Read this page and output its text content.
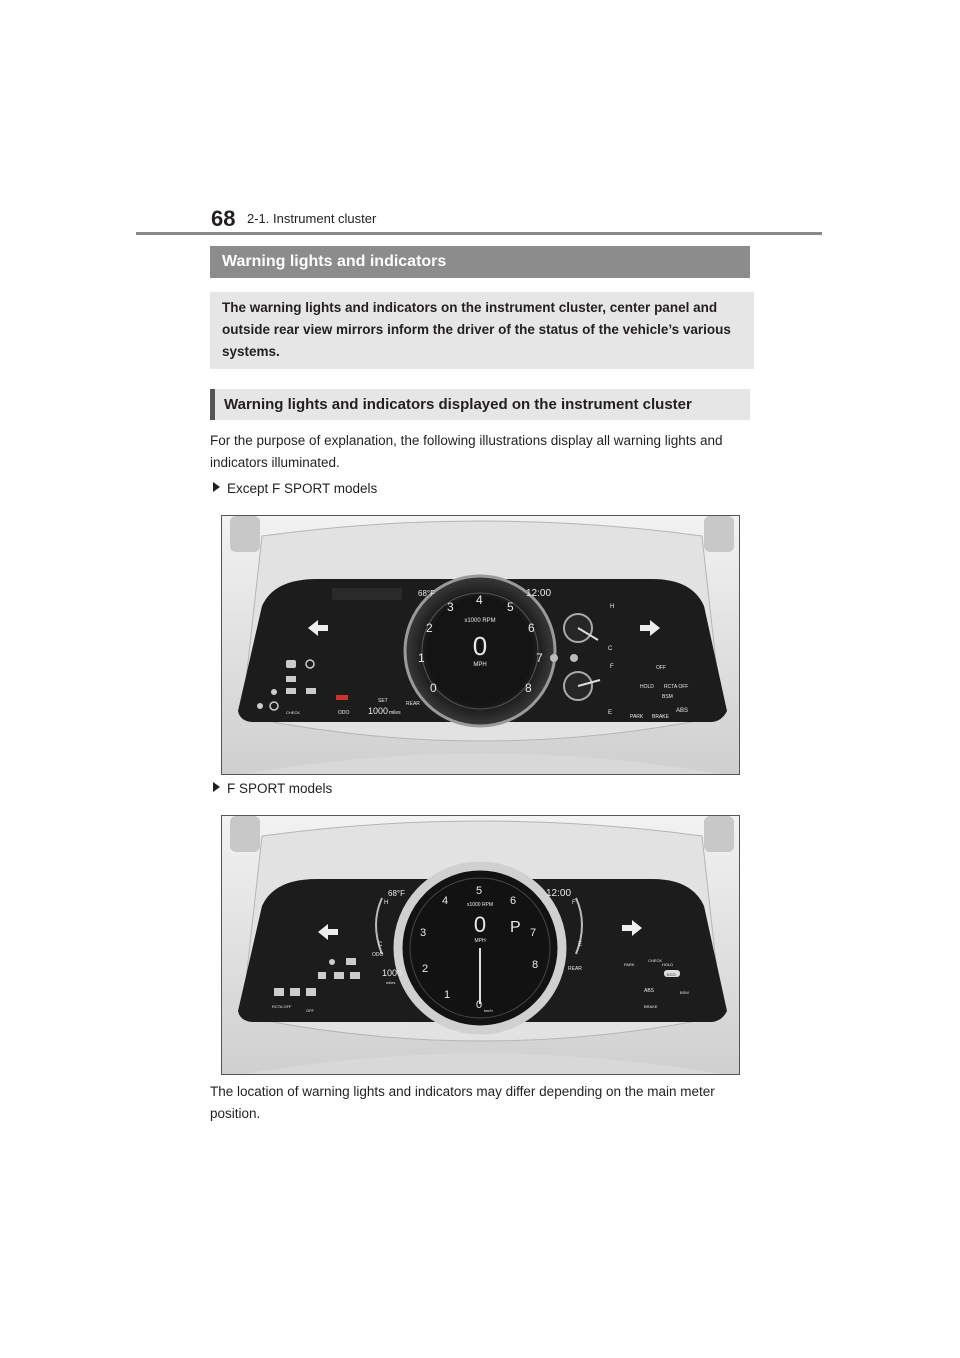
68 2-1. Instrument cluster
Warning lights and indicators
The warning lights and indicators on the instrument cluster, center panel and outside rear view mirrors inform the driver of the status of the vehicle’s various systems.
Warning lights and indicators displayed on the instrument cluster
For the purpose of explanation, the following illustrations display all warning lights and indicators illuminated.
Except F SPORT models
0
1
2
3 4 5
6
7
8
x1000 RPM
0
MPH
12:00
68°F
H
C
F
E
CHECK	ODO 1000 miles
SET	REAR
OFF
RCTA OFF
HOLD
BSM
PARK BRAKE
ABS
F SPORT models
0
1
2
3
4
5
6
7
8
x1000 RPM
0
MPH
P
km/h
12:00
68°F
H
C
F
E
RCTA OFF
OFF
ODO
1000
miles
SET
REAR
CHECK
PARK	HOLD
ECO
ABS	BSM
BRAKE
The location of warning lights and indicators may differ depending on the main meter position.
